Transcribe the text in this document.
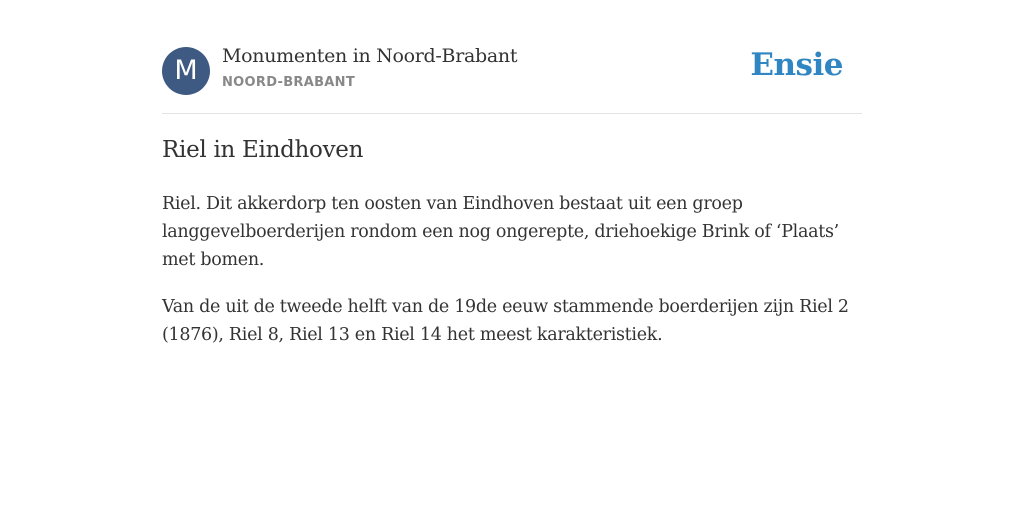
M	Monumenten in Noord-Brabant
NOORD-BRABANT	Ensie
Riel in Eindhoven

Riel. Dit akkerdorp ten oosten van Eindhoven bestaat uit een groep langgevelboerderijen rondom een nog ongerepte, driehoekige Brink of ‘Plaats’ met bomen.

Van de uit de tweede helft van de 19de eeuw stammende boerderijen zijn Riel 2 (1876), Riel 8, Riel 13 en Riel 14 het meest karakteristiek.
